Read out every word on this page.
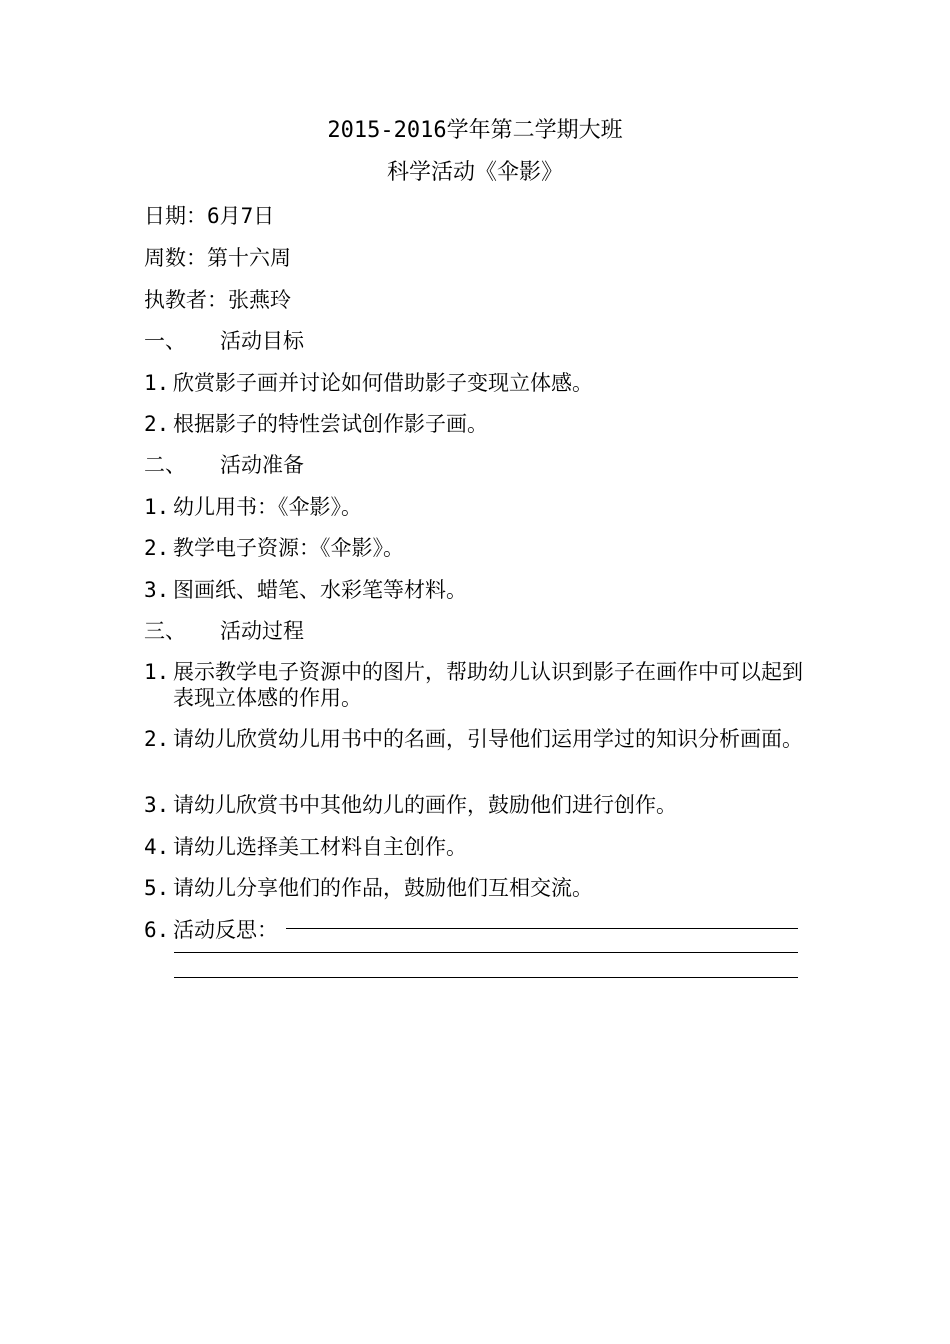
2015-2016学年第二学期大班
科学活动《伞影》
日期：6月7日
周数：第十六周
执教者：张燕玲
一、 活动目标
1. 欣赏影子画并讨论如何借助影子变现立体感。
2. 根据影子的特性尝试创作影子画。
二、 活动准备
1. 幼儿用书：《伞影》。
2. 教学电子资源：《伞影》。
3. 图画纸、蜡笔、水彩笔等材料。
三、 活动过程
1. 展示教学电子资源中的图片，帮助幼儿认识到影子在画作中可以起到表现立体感的作用。
2. 请幼儿欣赏幼儿用书中的名画，引导他们运用学过的知识分析画面。
3. 请幼儿欣赏书中其他幼儿的画作，鼓励他们进行创作。
4. 请幼儿选择美工材料自主创作。
5. 请幼儿分享他们的作品，鼓励他们互相交流。
6. 活动反思：
